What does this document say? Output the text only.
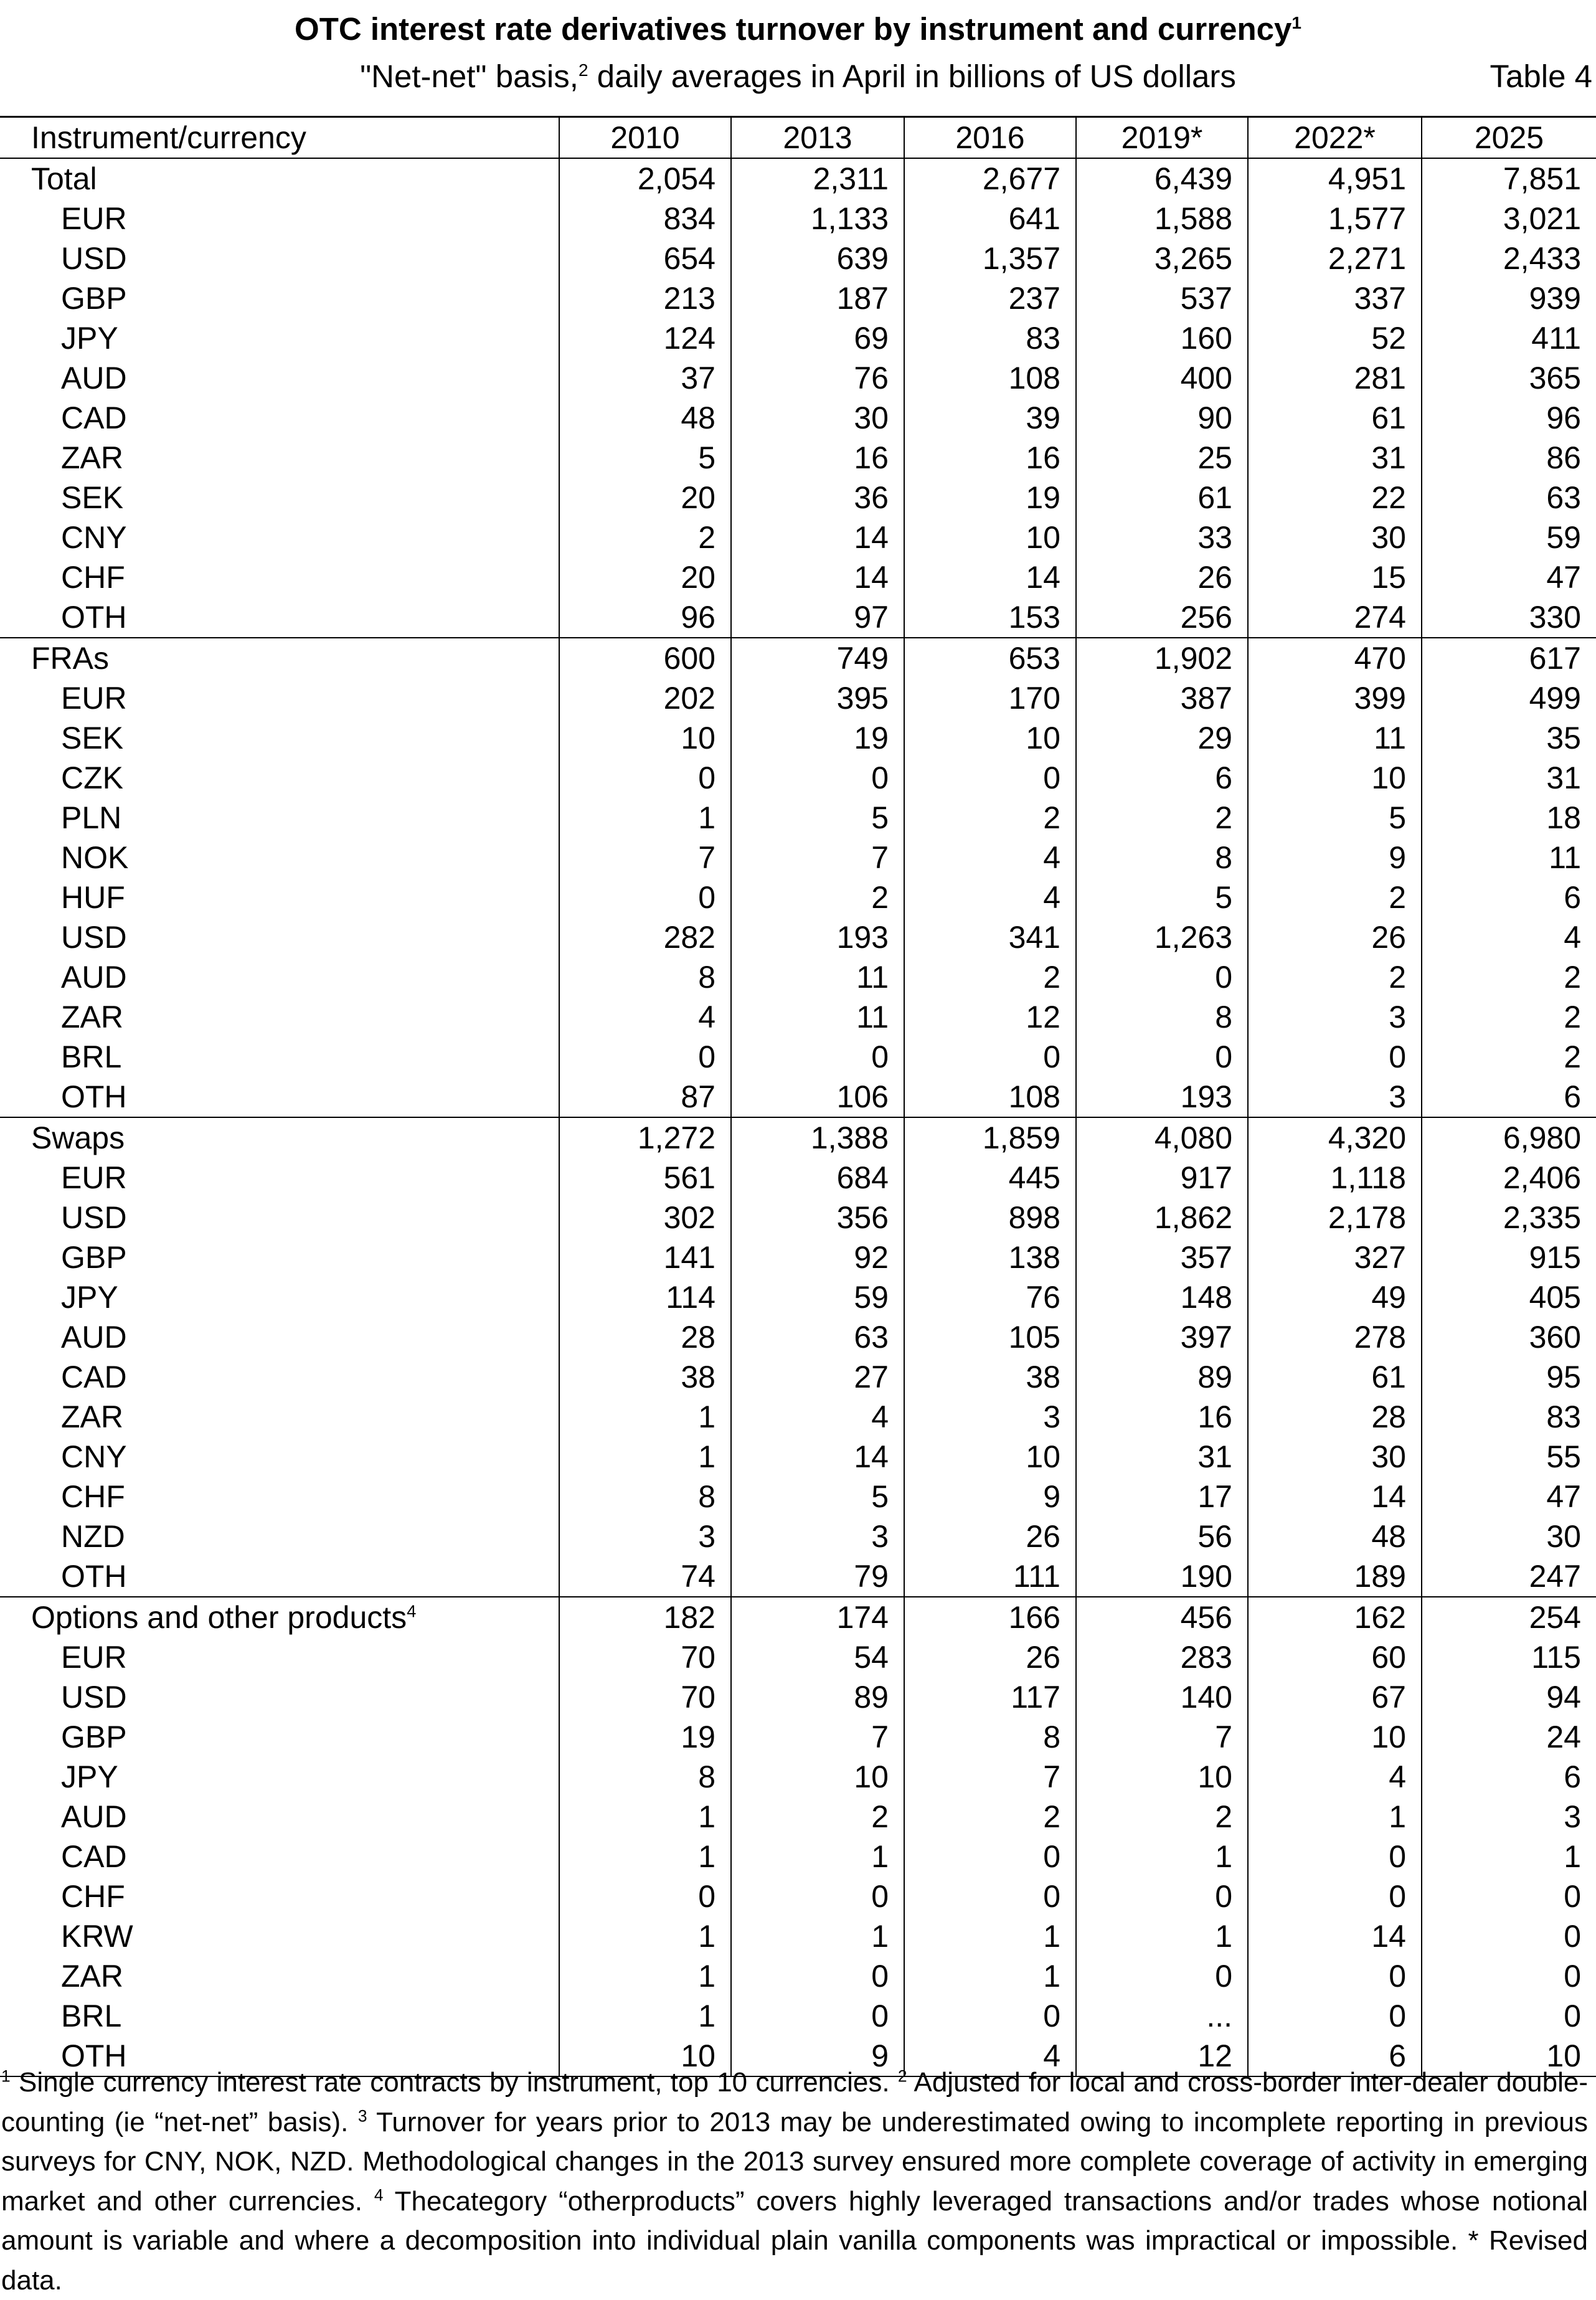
OTC interest rate derivatives turnover by instrument and currency$^1$
"Net-net" basis,$^2$ daily averages in April in billions of US dollars	Table 4
Instrument/currency	2010	2013	2016	2019*	2022*	2025
Total	2,054	2,311	2,677	6,439	4,951	7,851
EUR	834	1,133	641	1,588	1,577	3,021
USD	654	639	1,357	3,265	2,271	2,433
GBP	213	187	237	537	337	939
JPY	124	69	83	160	52	411
AUD	37	76	108	400	281	365
CAD	48	30	39	90	61	96
ZAR	5	16	16	25	31	86
SEK	20	36	19	61	22	63
CNY	2	14	10	33	30	59
CHF	20	14	14	26	15	47
OTH	96	97	153	256	274	330
FRAs	600	749	653	1,902	470	617
EUR	202	395	170	387	399	499
SEK	10	19	10	29	11	35
CZK	0	0	0	6	10	31
PLN	1	5	2	2	5	18
NOK	7	7	4	8	9	11
HUF	0	2	4	5	2	6
USD	282	193	341	1,263	26	4
AUD	8	11	2	0	2	2
ZAR	4	11	12	8	3	2
BRL	0	0	0	0	0	2
OTH	87	106	108	193	3	6
Swaps	1,272	1,388	1,859	4,080	4,320	6,980
EUR	561	684	445	917	1,118	2,406
USD	302	356	898	1,862	2,178	2,335
GBP	141	92	138	357	327	915
JPY	114	59	76	148	49	405
AUD	28	63	105	397	278	360
CAD	38	27	38	89	61	95
ZAR	1	4	3	16	28	83
CNY	1	14	10	31	30	55
CHF	8	5	9	17	14	47
NZD	3	3	26	56	48	30
OTH	74	79	111	190	189	247
Options and other products$^4$	182	174	166	456	162	254
EUR	70	54	26	283	60	115
USD	70	89	117	140	67	94
GBP	19	7	8	7	10	24
JPY	8	10	7	10	4	6
AUD	1	2	2	2	1	3
CAD	1	1	0	1	0	1
CHF	0	0	0	0	0	0
KRW	1	1	1	1	14	0
ZAR	1	0	1	0	0	0
BRL	1	0	0	...	0	0
OTH	10	9	4	12	6	10
$^1$ Single currency interest rate contracts by instrument, top 10 currencies. $^2$ Adjusted for local and cross-border inter-dealer double-counting (ie “net-net” basis). $^3$ Turnover for years prior to 2013 may be underestimated owing to incomplete reporting in previous surveys for CNY, NOK, NZD. Methodological changes in the 2013 survey ensured more complete coverage of activity in emerging market and other currencies. $^4$ Thecategory “otherproducts” covers highly leveraged transactions and/or trades whose notional amount is variable and where a decomposition into individual plain vanilla components was impractical or impossible. * Revised data.
